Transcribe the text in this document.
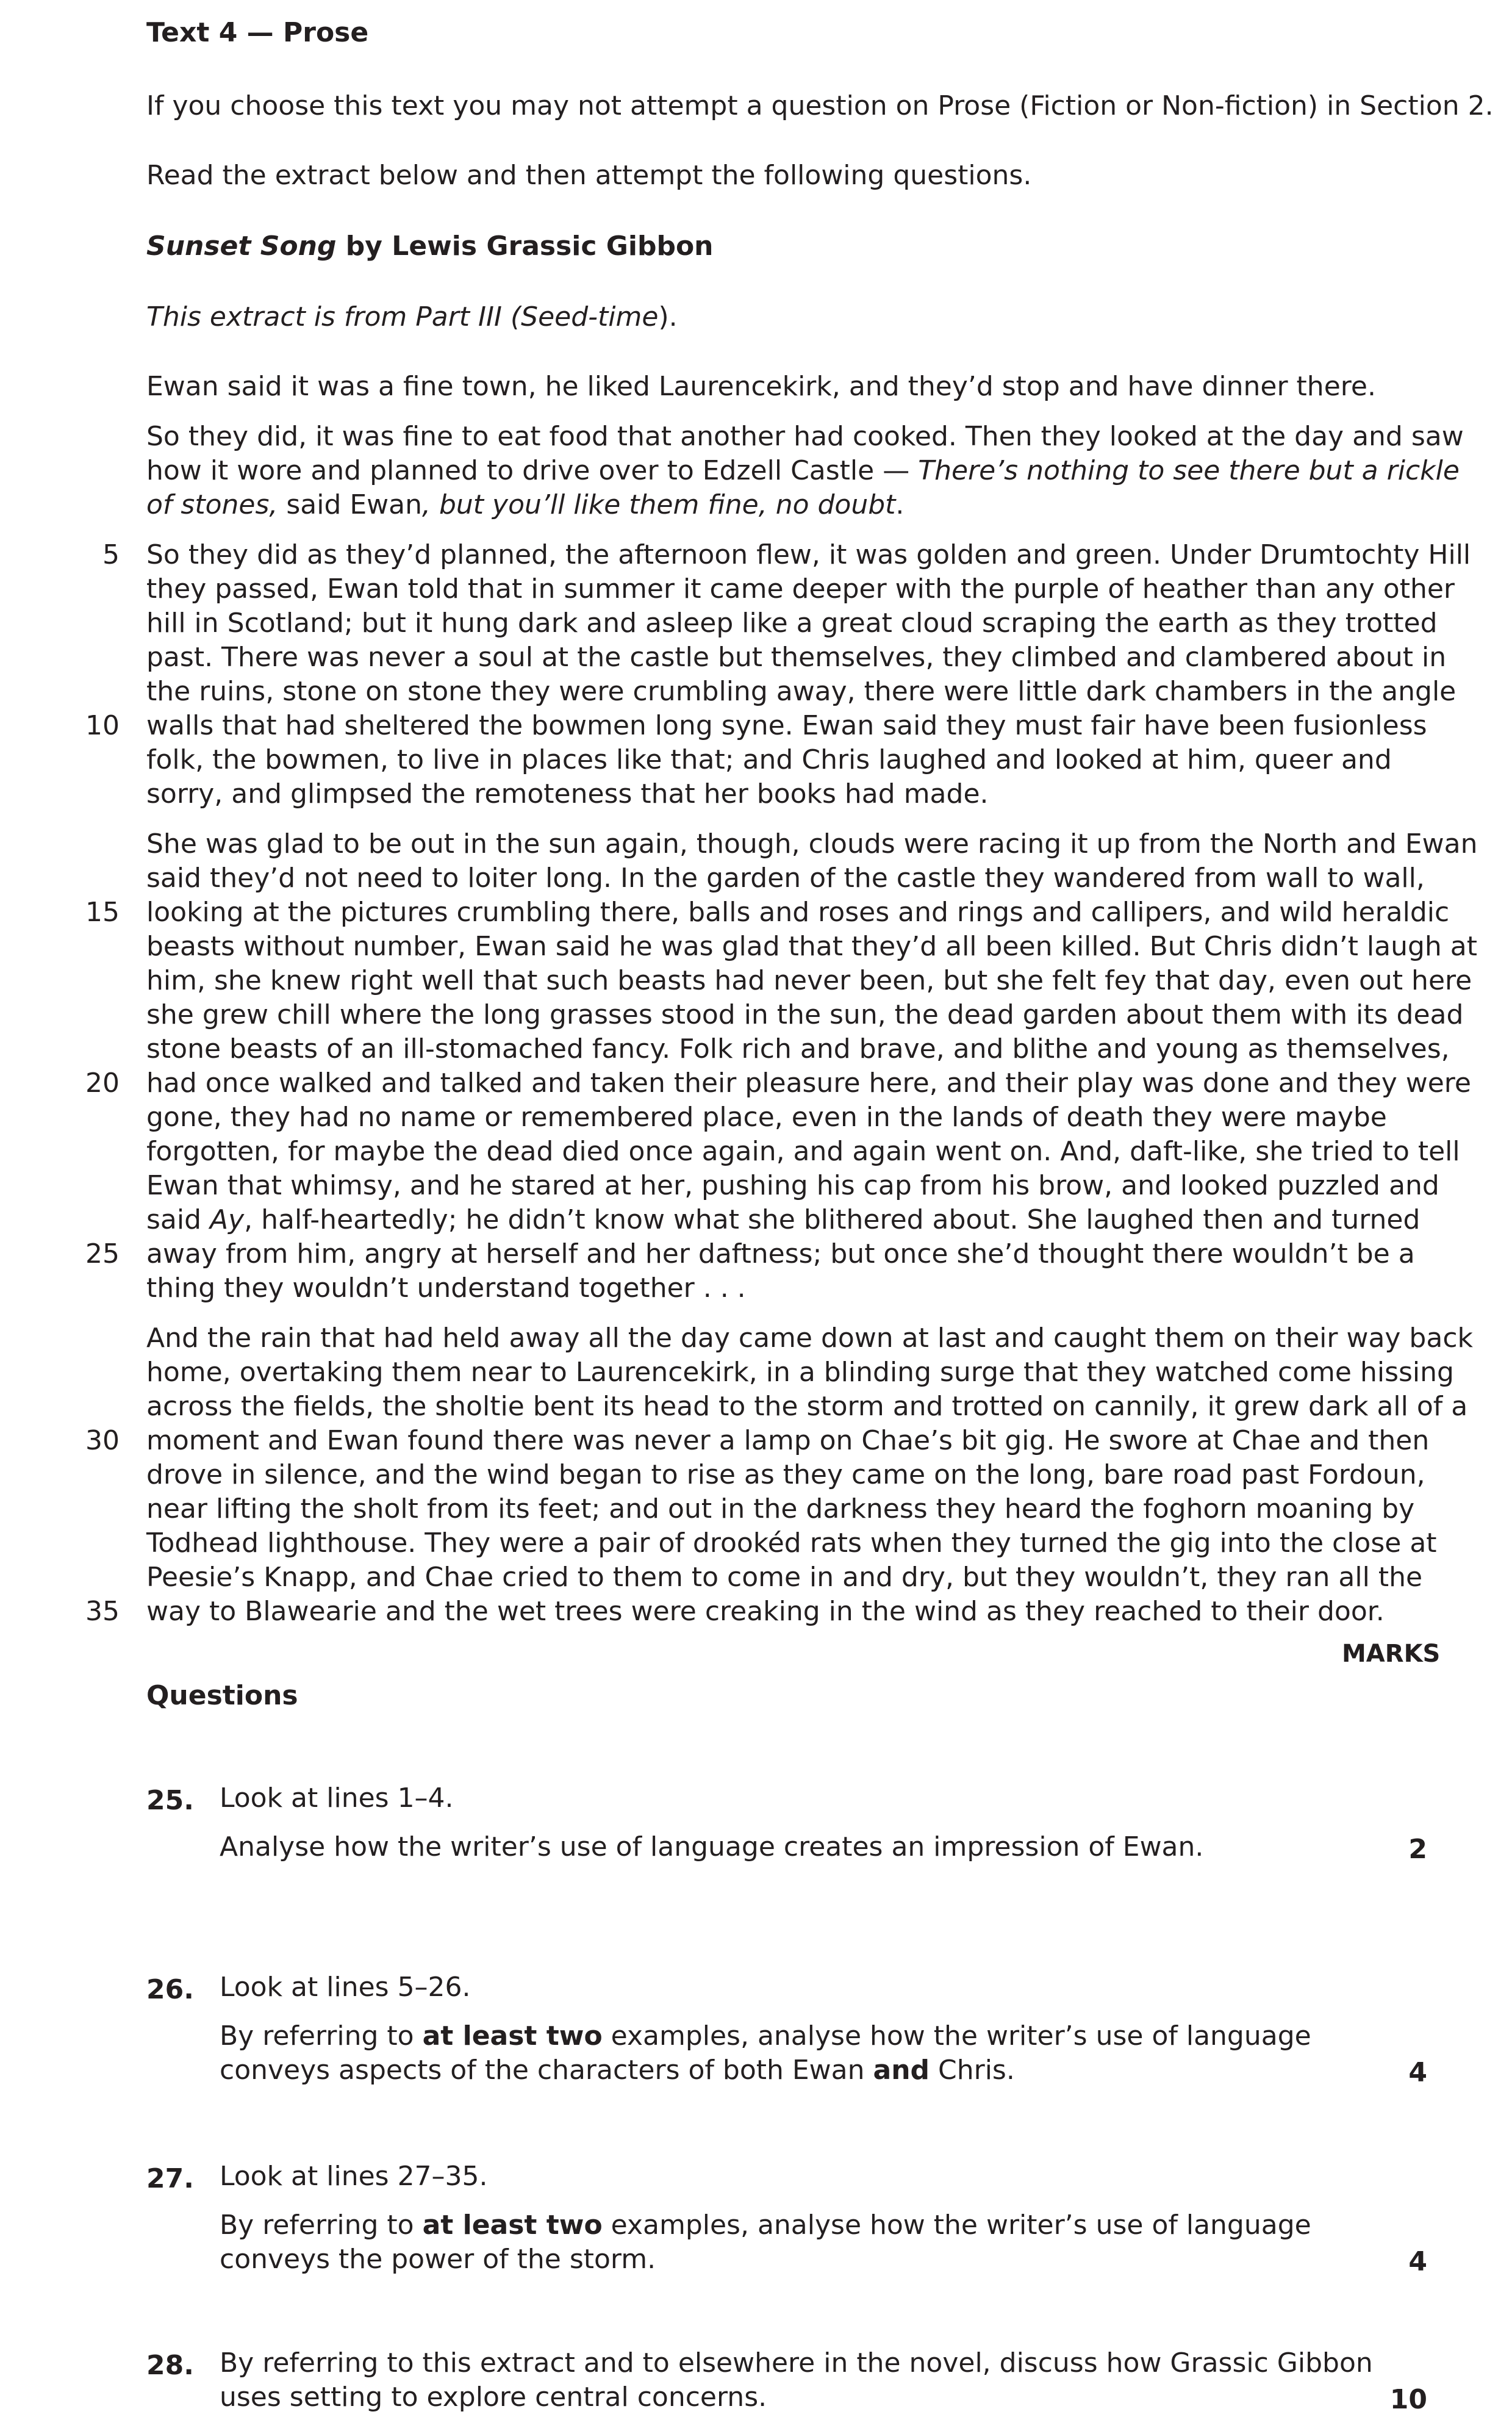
Text 4 — Prose
If you choose this text you may not attempt a question on Prose (Fiction or Non-fiction) in Section 2.
Read the extract below and then attempt the following questions.
Sunset Song by Lewis Grassic Gibbon
This extract is from Part III (Seed-time).
Ewan said it was a fine town, he liked Laurencekirk, and they’d stop and have dinner there.
So they did, it was fine to eat food that another had cooked. Then they looked at the day and saw
how it wore and planned to drive over to Edzell Castle — There’s nothing to see there but a rickle
of stones, said Ewan, but you’ll like them fine, no doubt.
5 So they did as they’d planned, the afternoon flew, it was golden and green. Under Drumtochty Hill
they passed, Ewan told that in summer it came deeper with the purple of heather than any other
hill in Scotland; but it hung dark and asleep like a great cloud scraping the earth as they trotted
past. There was never a soul at the castle but themselves, they climbed and clambered about in
the ruins, stone on stone they were crumbling away, there were little dark chambers in the angle
10 walls that had sheltered the bowmen long syne. Ewan said they must fair have been fusionless
folk, the bowmen, to live in places like that; and Chris laughed and looked at him, queer and
sorry, and glimpsed the remoteness that her books had made.
She was glad to be out in the sun again, though, clouds were racing it up from the North and Ewan
said they’d not need to loiter long. In the garden of the castle they wandered from wall to wall,
15 looking at the pictures crumbling there, balls and roses and rings and callipers, and wild heraldic
beasts without number, Ewan said he was glad that they’d all been killed. But Chris didn’t laugh at
him, she knew right well that such beasts had never been, but she felt fey that day, even out here
she grew chill where the long grasses stood in the sun, the dead garden about them with its dead
stone beasts of an ill-stomached fancy. Folk rich and brave, and blithe and young as themselves,
20 had once walked and talked and taken their pleasure here, and their play was done and they were
gone, they had no name or remembered place, even in the lands of death they were maybe
forgotten, for maybe the dead died once again, and again went on. And, daft-like, she tried to tell
Ewan that whimsy, and he stared at her, pushing his cap from his brow, and looked puzzled and
said Ay, half-heartedly; he didn’t know what she blithered about. She laughed then and turned
25 away from him, angry at herself and her daftness; but once she’d thought there wouldn’t be a
thing they wouldn’t understand together . . .
And the rain that had held away all the day came down at last and caught them on their way back
home, overtaking them near to Laurencekirk, in a blinding surge that they watched come hissing
across the fields, the sholtie bent its head to the storm and trotted on cannily, it grew dark all of a
30 moment and Ewan found there was never a lamp on Chae’s bit gig. He swore at Chae and then
drove in silence, and the wind began to rise as they came on the long, bare road past Fordoun,
near lifting the sholt from its feet; and out in the darkness they heard the foghorn moaning by
Todhead lighthouse. They were a pair of drookéd rats when they turned the gig into the close at
Peesie’s Knapp, and Chae cried to them to come in and dry, but they wouldn’t, they ran all the
35 way to Blawearie and the wet trees were creaking in the wind as they reached to their door.
MARKS
Questions
25. Look at lines 1–4.
Analyse how the writer’s use of language creates an impression of Ewan.	2
26. Look at lines 5–26.
By referring to at least two examples, analyse how the writer’s use of language
conveys aspects of the characters of both Ewan and Chris.	4
27. Look at lines 27–35.
By referring to at least two examples, analyse how the writer’s use of language
conveys the power of the storm.	4
28. By referring to this extract and to elsewhere in the novel, discuss how Grassic Gibbon
uses setting to explore central concerns.	10
